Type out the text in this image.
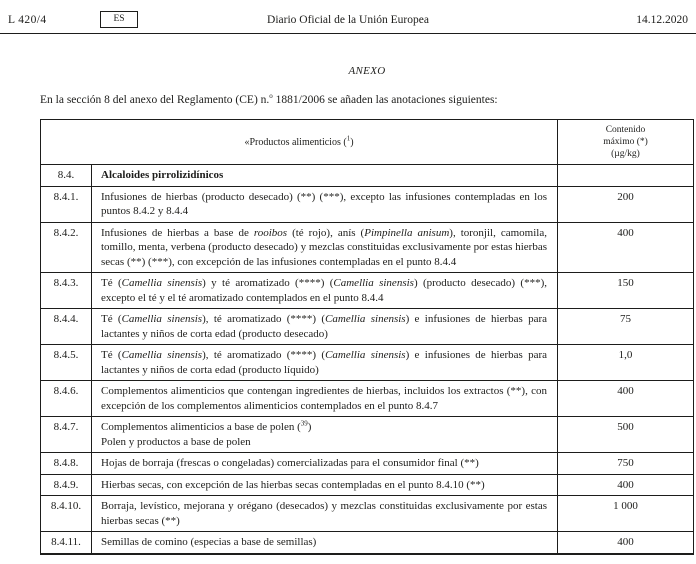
L 420/4	ES	Diario Oficial de la Unión Europea	14.12.2020
ANEXO

En la sección 8 del anexo del Reglamento (CE) n.$^o$ 1881/2006 se añaden las anotaciones siguientes:

«Productos alimenticios ($^1$)		Contenido
máximo (*)
(µg/kg)
8.4.	Alcaloides pirrolizidínicos	
8.4.1.	Infusiones de hierbas (producto desecado) (**) (***), excepto las infusiones contempladas en los puntos 8.4.2 y 8.4.4	200
8.4.2.	Infusiones de hierbas a base de rooibos (té rojo), anís (Pimpinella anisum), toronjil, camomila, tomillo, menta, verbena (producto desecado) y mezclas constituidas exclusivamente por estas hierbas secas (**) (***), con excepción de las infusiones contempladas en el punto 8.4.4	400
8.4.3.	Té (Camellia sinensis) y té aromatizado (****) (Camellia sinensis) (producto desecado) (***), excepto el té y el té aromatizado contemplados en el punto 8.4.4	150
8.4.4.	Té (Camellia sinensis), té aromatizado (****) (Camellia sinensis) e infusiones de hierbas para lactantes y niños de corta edad (producto desecado)	75
8.4.5.	Té (Camellia sinensis), té aromatizado (****) (Camellia sinensis) e infusiones de hierbas para lactantes y niños de corta edad (producto líquido)	1,0
8.4.6.	Complementos alimenticios que contengan ingredientes de hierbas, incluidos los extractos (**), con excepción de los complementos alimenticios contemplados en el punto 8.4.7	400
8.4.7.	Complementos alimenticios a base de polen ($^{39}$)
Polen y productos a base de polen	500
8.4.8.	Hojas de borraja (frescas o congeladas) comercializadas para el consumidor final (**)	750
8.4.9.	Hierbas secas, con excepción de las hierbas secas contempladas en el punto 8.4.10 (**)	400
8.4.10.	Borraja, levístico, mejorana y orégano (desecados) y mezclas constituidas exclusivamente por estas hierbas secas (**)	1 000
8.4.11.	Semillas de comino (especias a base de semillas)	400
